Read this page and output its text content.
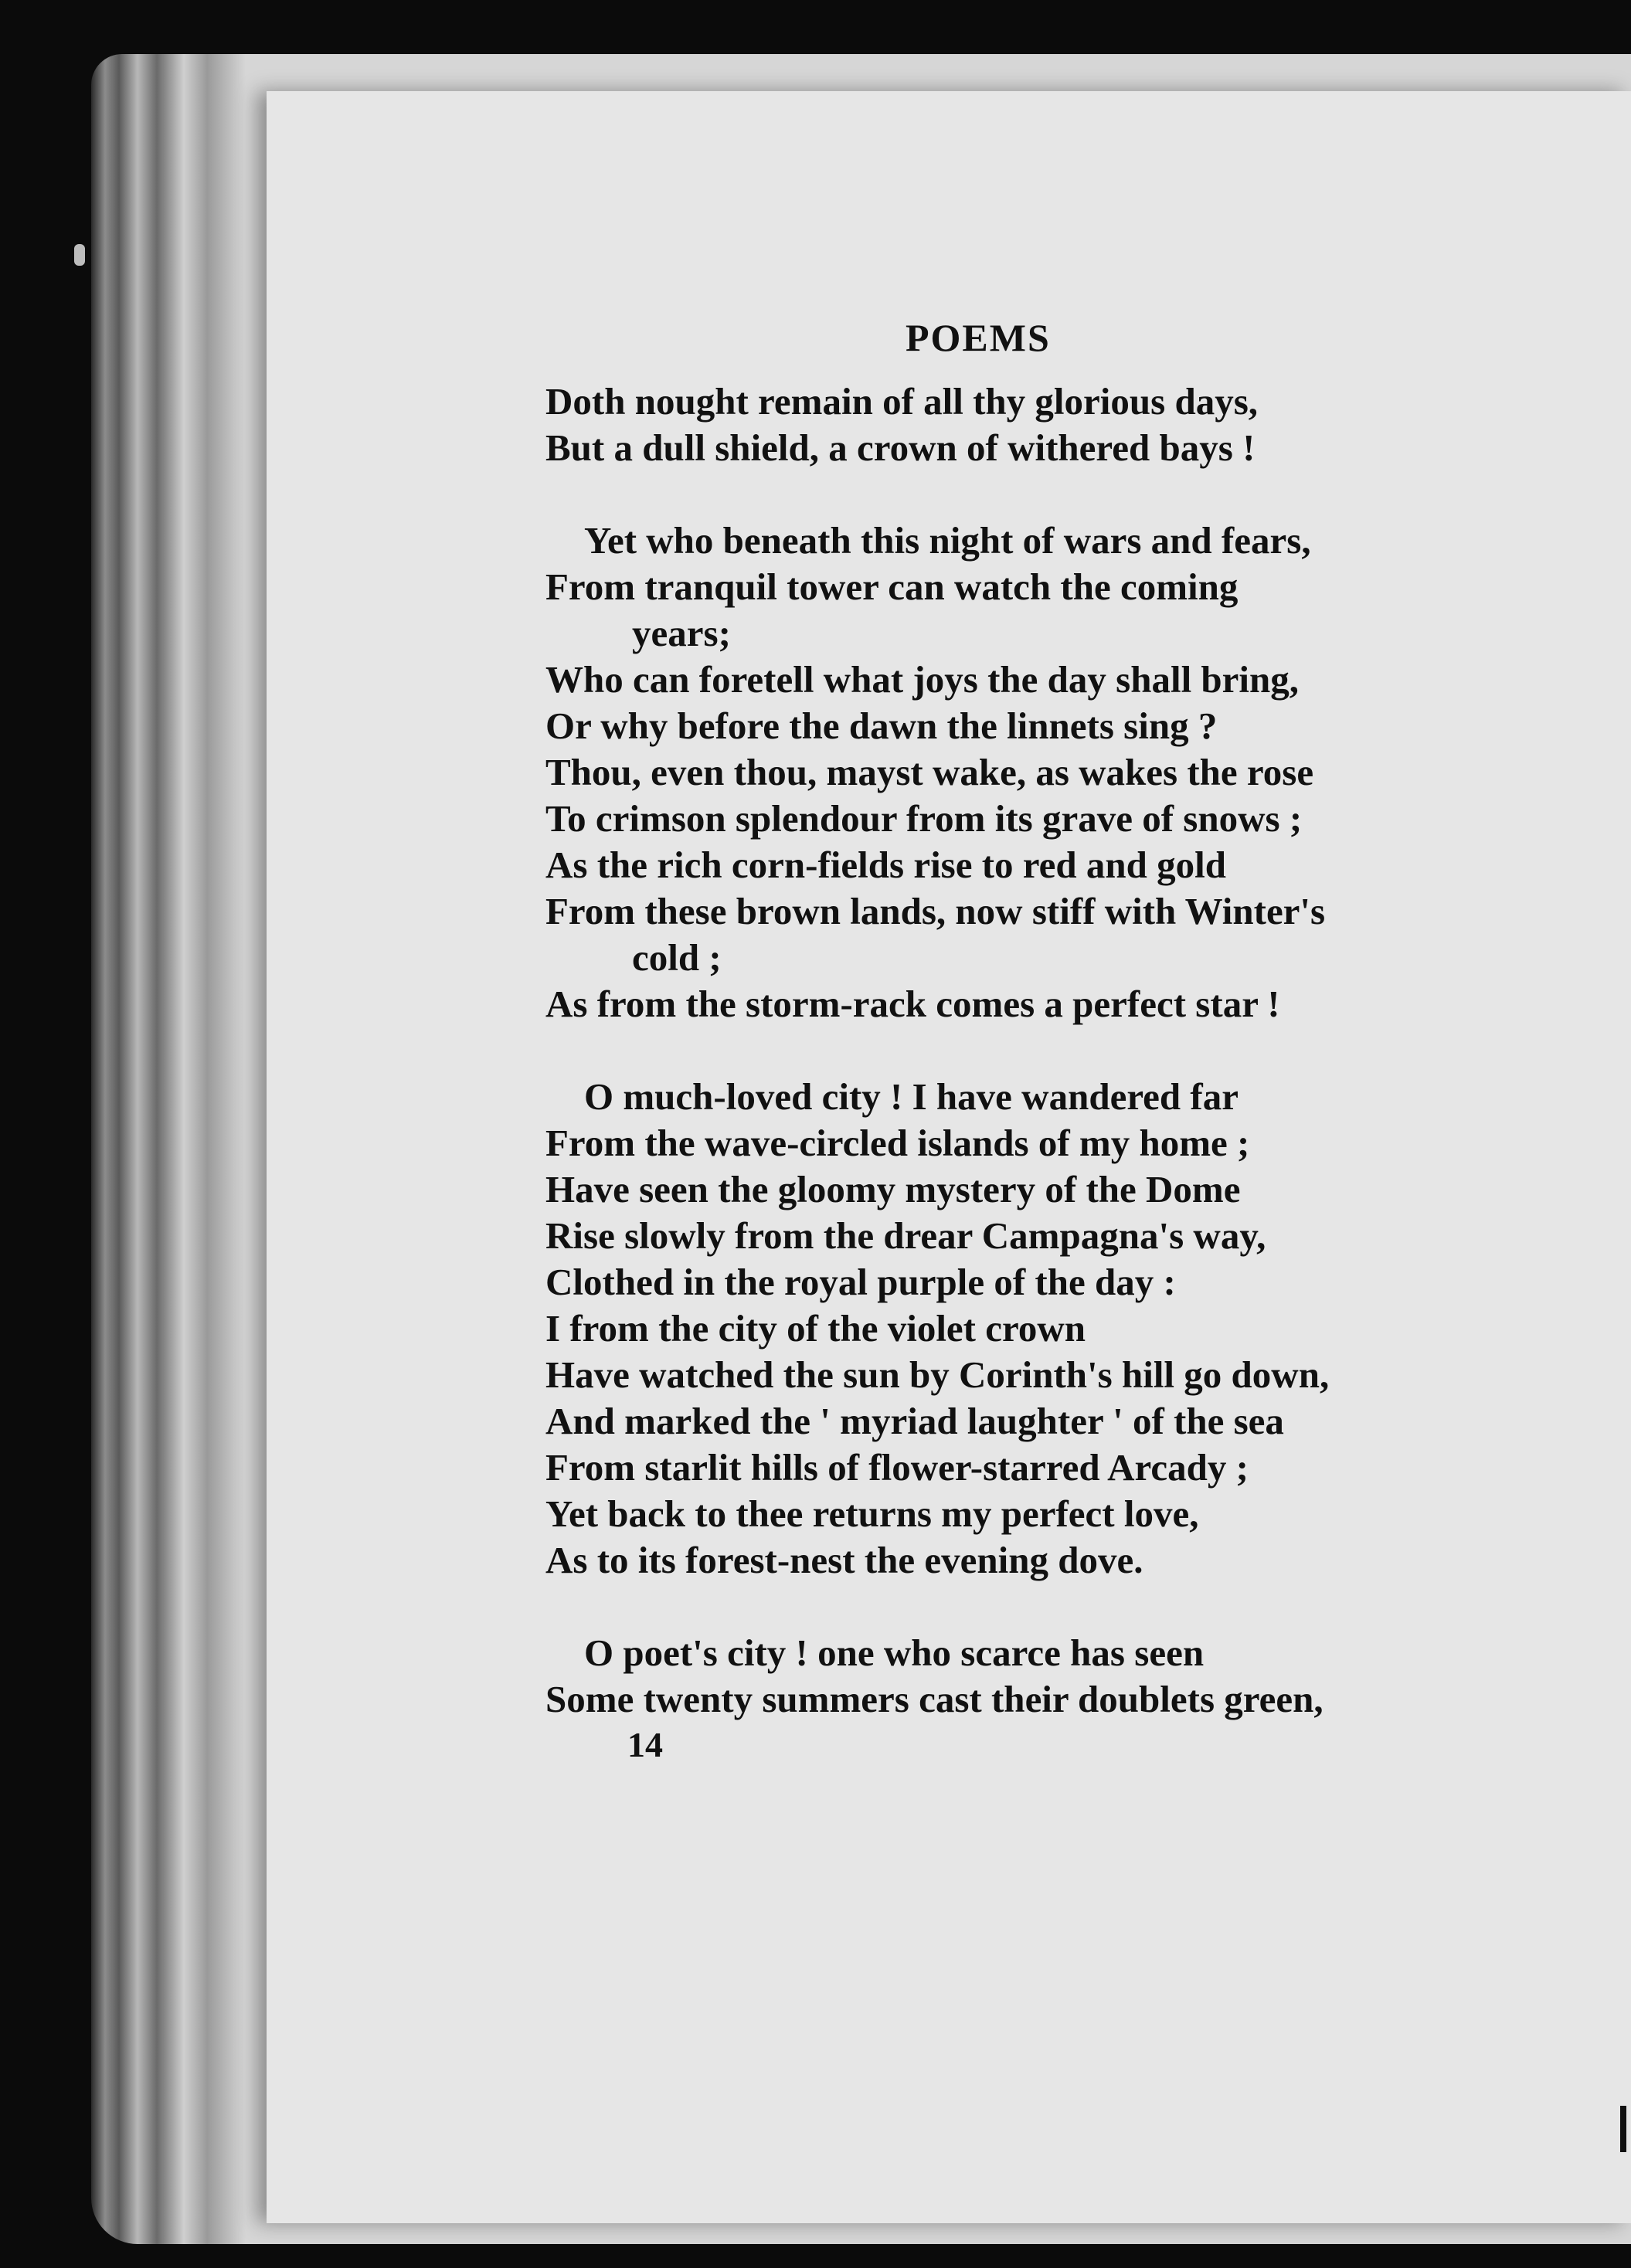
POEMS
Doth nought remain of all thy glorious days,
But a dull shield, a crown of withered bays !
Yet who beneath this night of wars and fears,
From tranquil tower can watch the coming
years;
Who can foretell what joys the day shall bring,
Or why before the dawn the linnets sing ?
Thou, even thou, mayst wake, as wakes the rose
To crimson splendour from its grave of snows ;
As the rich corn-fields rise to red and gold
From these brown lands, now stiff with Winter's
cold ;
As from the storm-rack comes a perfect star !
O much-loved city ! I have wandered far
From the wave-circled islands of my home ;
Have seen the gloomy mystery of the Dome
Rise slowly from the drear Campagna's way,
Clothed in the royal purple of the day :
I from the city of the violet crown
Have watched the sun by Corinth's hill go down,
And marked the ' myriad laughter ' of the sea
From starlit hills of flower-starred Arcady ;
Yet back to thee returns my perfect love,
As to its forest-nest the evening dove.
O poet's city ! one who scarce has seen
Some twenty summers cast their doublets green,
14
